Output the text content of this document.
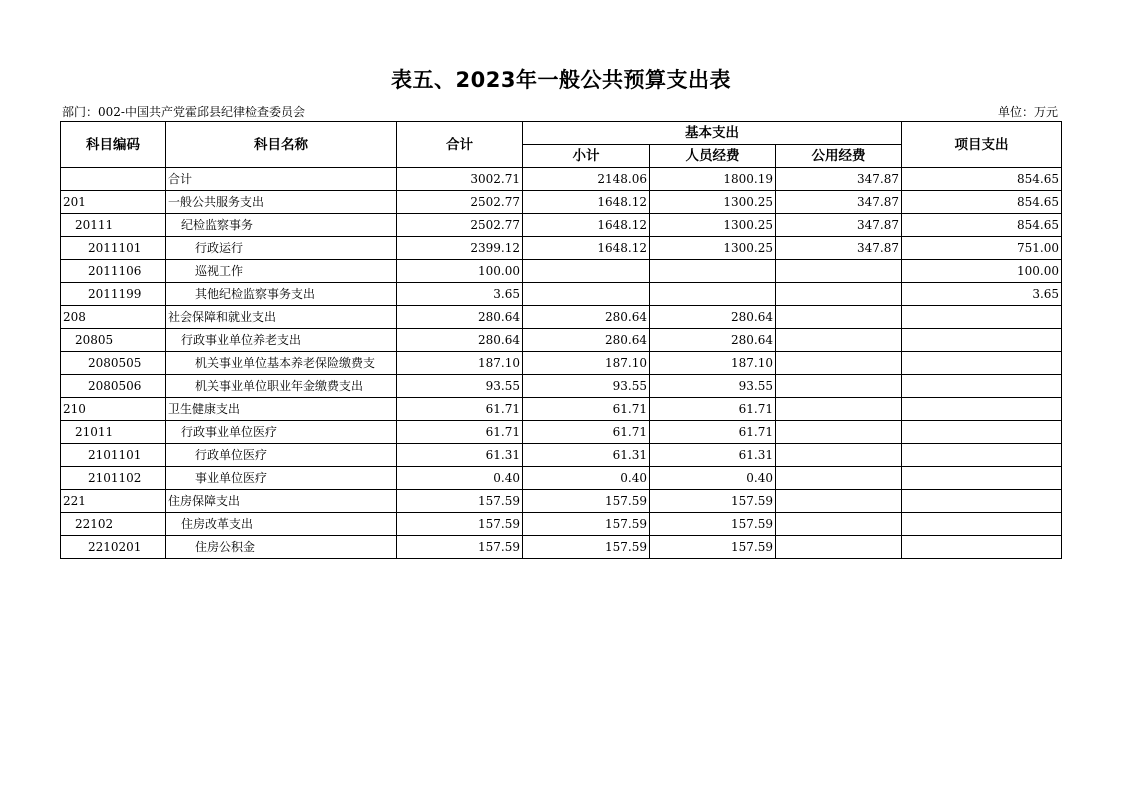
表五、2023年一般公共预算支出表
部门：002-中国共产党霍邱县纪律检查委员会	单位：万元
科目编码	科目名称	合计	基本支出			项目支出
			小计	人员经费	公用经费	
	合计	3002.71	2148.06	1800.19	347.87	854.65
201	一般公共服务支出	2502.77	1648.12	1300.25	347.87	854.65
20111	纪检监察事务	2502.77	1648.12	1300.25	347.87	854.65
2011101	行政运行	2399.12	1648.12	1300.25	347.87	751.00
2011106	巡视工作	100.00				100.00
2011199	其他纪检监察事务支出	3.65				3.65
208	社会保障和就业支出	280.64	280.64	280.64		
20805	行政事业单位养老支出	280.64	280.64	280.64		
2080505	机关事业单位基本养老保险缴费支	187.10	187.10	187.10		
2080506	机关事业单位职业年金缴费支出	93.55	93.55	93.55		
210	卫生健康支出	61.71	61.71	61.71		
21011	行政事业单位医疗	61.71	61.71	61.71		
2101101	行政单位医疗	61.31	61.31	61.31		
2101102	事业单位医疗	0.40	0.40	0.40		
221	住房保障支出	157.59	157.59	157.59		
22102	住房改革支出	157.59	157.59	157.59		
2210201	住房公积金	157.59	157.59	157.59		
